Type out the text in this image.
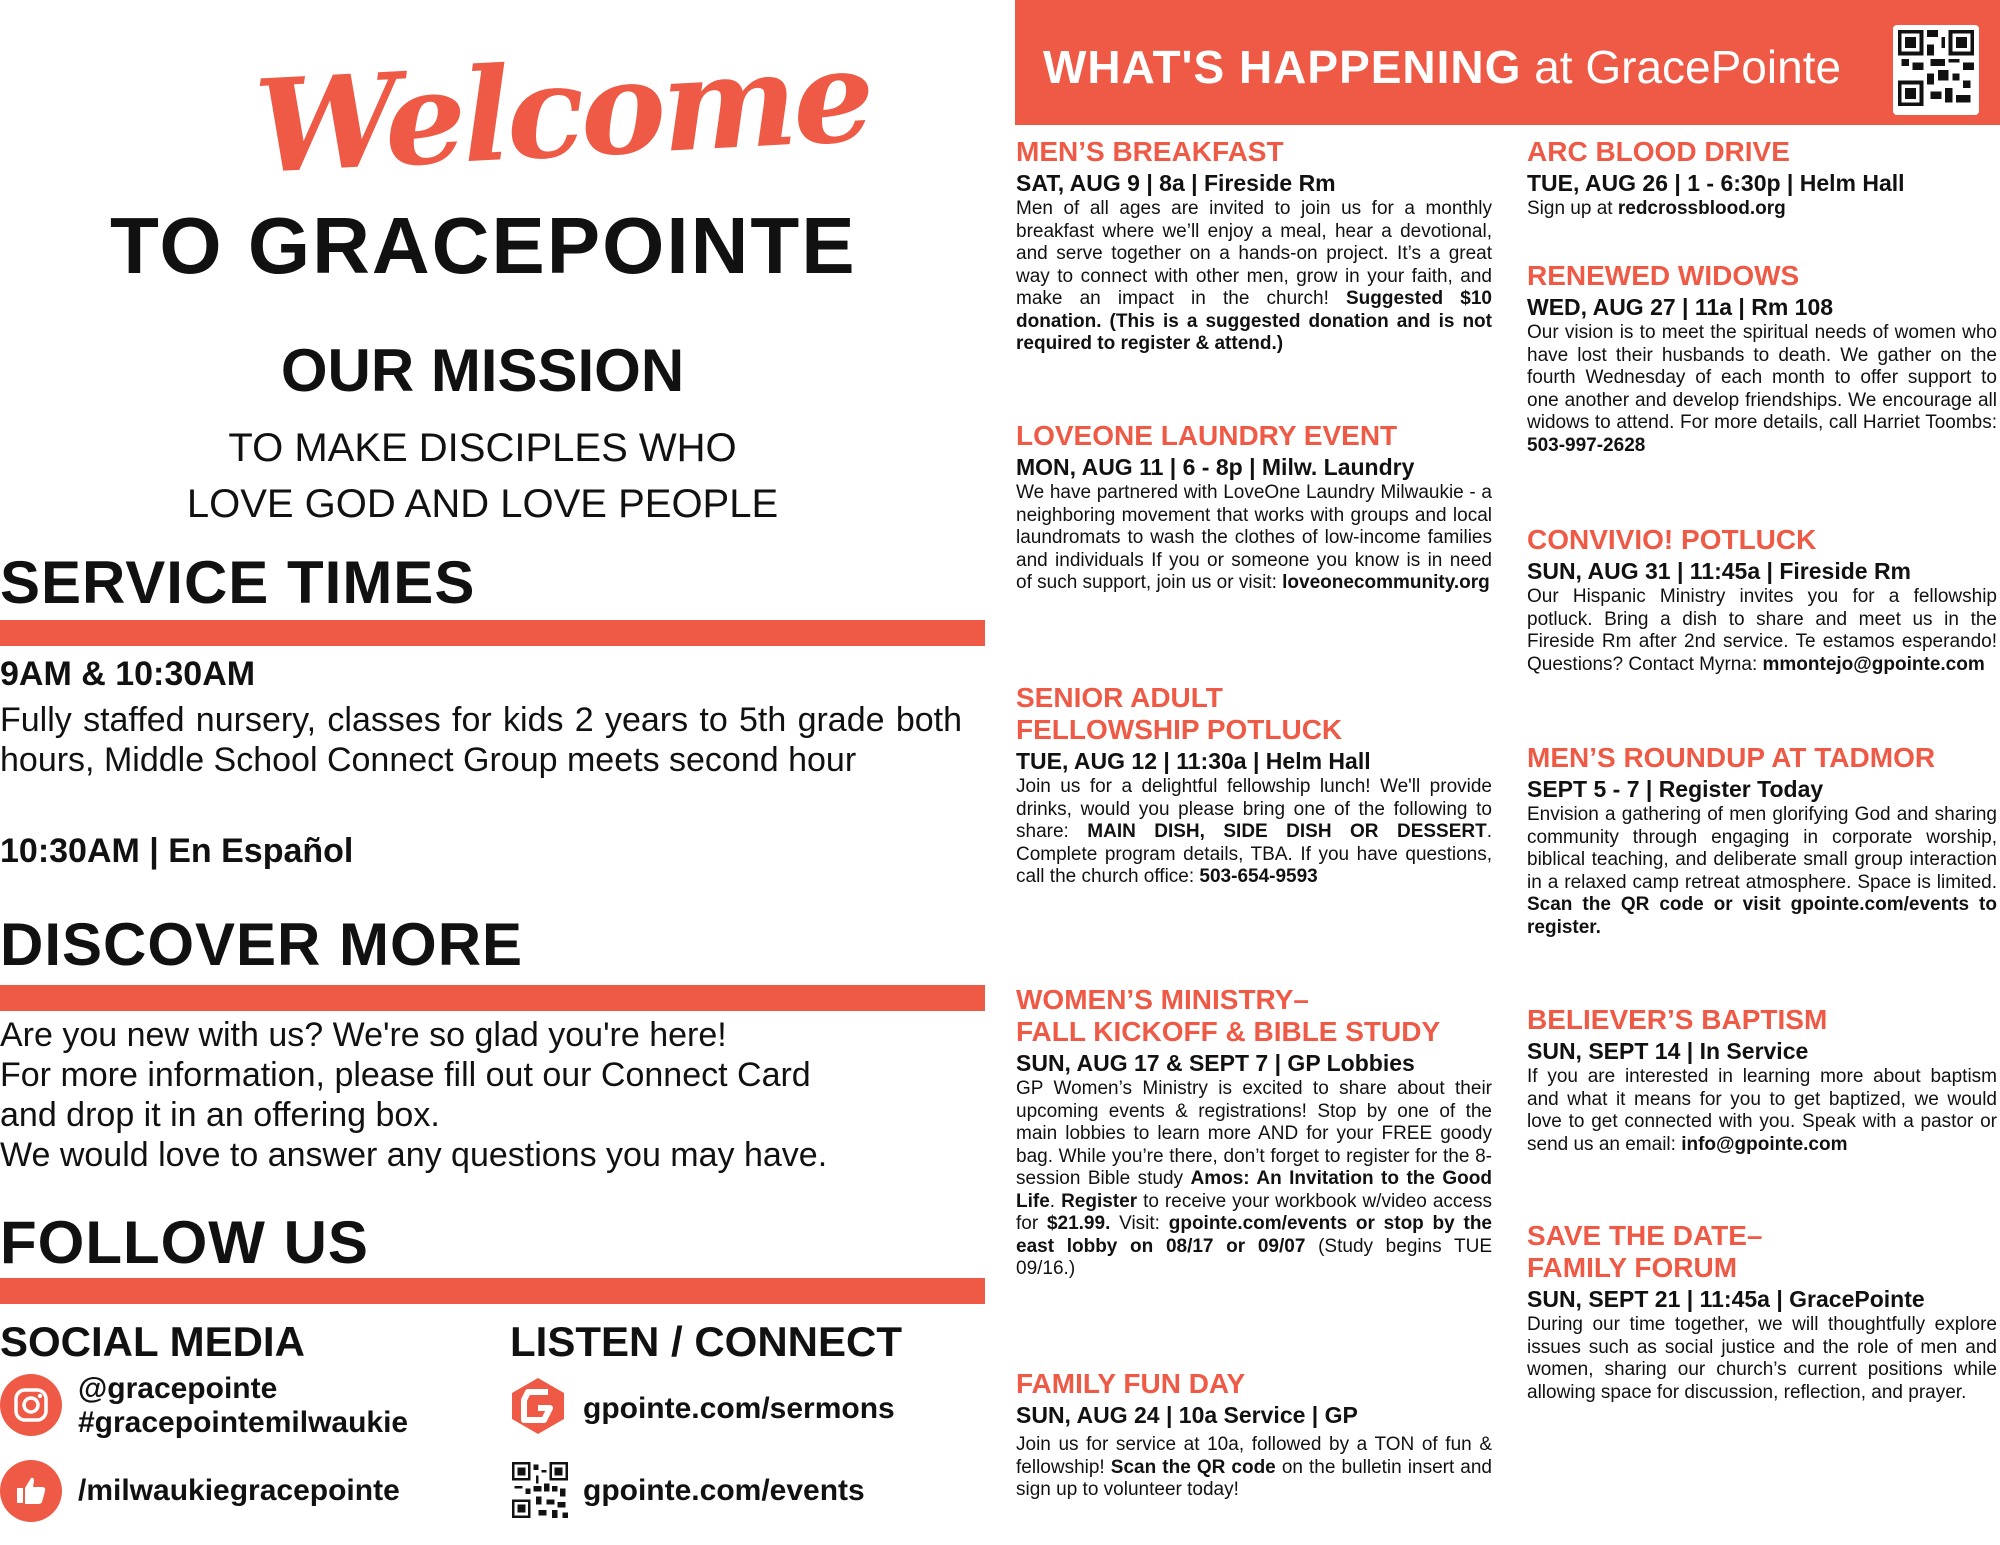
Welcome
TO GRACEPOINTE
OUR MISSION
TO MAKE DISCIPLES WHO
LOVE GOD AND LOVE PEOPLE
SERVICE TIMES
9AM & 10:30AM
Fully staffed nursery, classes for kids 2 years to 5th grade both hours, Middle School Connect Group meets second hour
10:30AM | En Español
DISCOVER MORE
Are you new with us? We're so glad you're here!
For more information, please fill out our Connect Card
and drop it in an offering box.
We would love to answer any questions you may have.
FOLLOW US
SOCIAL MEDIA
@gracepointe
#gracepointemilwaukie
/milwaukiegracepointe
LISTEN / CONNECT
gpointe.com/sermons
gpointe.com/events
WHAT'S HAPPENING at GracePointe
MEN’S BREAKFAST
SAT, AUG 9 | 8a | Fireside Rm
Men of all ages are invited to join us for a monthly breakfast where we’ll enjoy a meal, hear a devotional, and serve together on a hands-on project. It’s a great way to connect with other men, grow in your faith, and make an impact in the church! Suggested $10 donation. (This is a suggested donation and is not required to register & attend.)
LOVEONE LAUNDRY EVENT
MON, AUG 11 | 6 - 8p | Milw. Laundry
We have partnered with LoveOne Laundry Milwaukie - a neighboring movement that works with groups and local laundromats to wash the clothes of low-income families and individuals If you or someone you know is in need of such support, join us or visit: loveonecommunity.org
SENIOR ADULT
FELLOWSHIP POTLUCK
TUE, AUG 12 | 11:30a | Helm Hall
Join us for a delightful fellowship lunch! We'll provide drinks, would you please bring one of the following to share: MAIN DISH, SIDE DISH OR DESSERT. Complete program details, TBA. If you have questions, call the church office: 503-654-9593
WOMEN’S MINISTRY–
FALL KICKOFF & BIBLE STUDY
SUN, AUG 17 & SEPT 7 | GP Lobbies
GP Women’s Ministry is excited to share about their upcoming events & registrations! Stop by one of the main lobbies to learn more AND for your FREE goody bag. While you’re there, don’t forget to register for the 8-session Bible study Amos: An Invitation to the Good Life. Register to receive your workbook w/video access for $21.99. Visit: gpointe.com/events or stop by the east lobby on 08/17 or 09/07 (Study begins TUE 09/16.)
FAMILY FUN DAY
SUN, AUG 24 | 10a Service | GP
Join us for service at 10a, followed by a TON of fun & fellowship! Scan the QR code on the bulletin insert and sign up to volunteer today!
ARC BLOOD DRIVE
TUE, AUG 26 | 1 - 6:30p | Helm Hall
Sign up at redcrossblood.org
RENEWED WIDOWS
WED, AUG 27 | 11a | Rm 108
Our vision is to meet the spiritual needs of women who have lost their husbands to death. We gather on the fourth Wednesday of each month to offer support to one another and develop friendships. We encourage all widows to attend. For more details, call Harriet Toombs: 503-997-2628
CONVIVIO! POTLUCK
SUN, AUG 31 | 11:45a | Fireside Rm
Our Hispanic Ministry invites you for a fellowship potluck. Bring a dish to share and meet us in the Fireside Rm after 2nd service. Te estamos esperando! Questions? Contact Myrna: mmontejo@gpointe.com
MEN’S ROUNDUP AT TADMOR
SEPT 5 - 7 | Register Today
Envision a gathering of men glorifying God and sharing community through engaging in corporate worship, biblical teaching, and deliberate small group interaction in a relaxed camp retreat atmosphere. Space is limited. Scan the QR code or visit gpointe.com/events to register.
BELIEVER’S BAPTISM
SUN, SEPT 14 | In Service
If you are interested in learning more about baptism and what it means for you to get baptized, we would love to get connected with you. Speak with a pastor or send us an email: info@gpointe.com
SAVE THE DATE–
FAMILY FORUM
SUN, SEPT 21 | 11:45a | GracePointe
During our time together, we will thoughtfully explore issues such as social justice and the role of men and women, sharing our church’s current positions while allowing space for discussion, reflection, and prayer.
